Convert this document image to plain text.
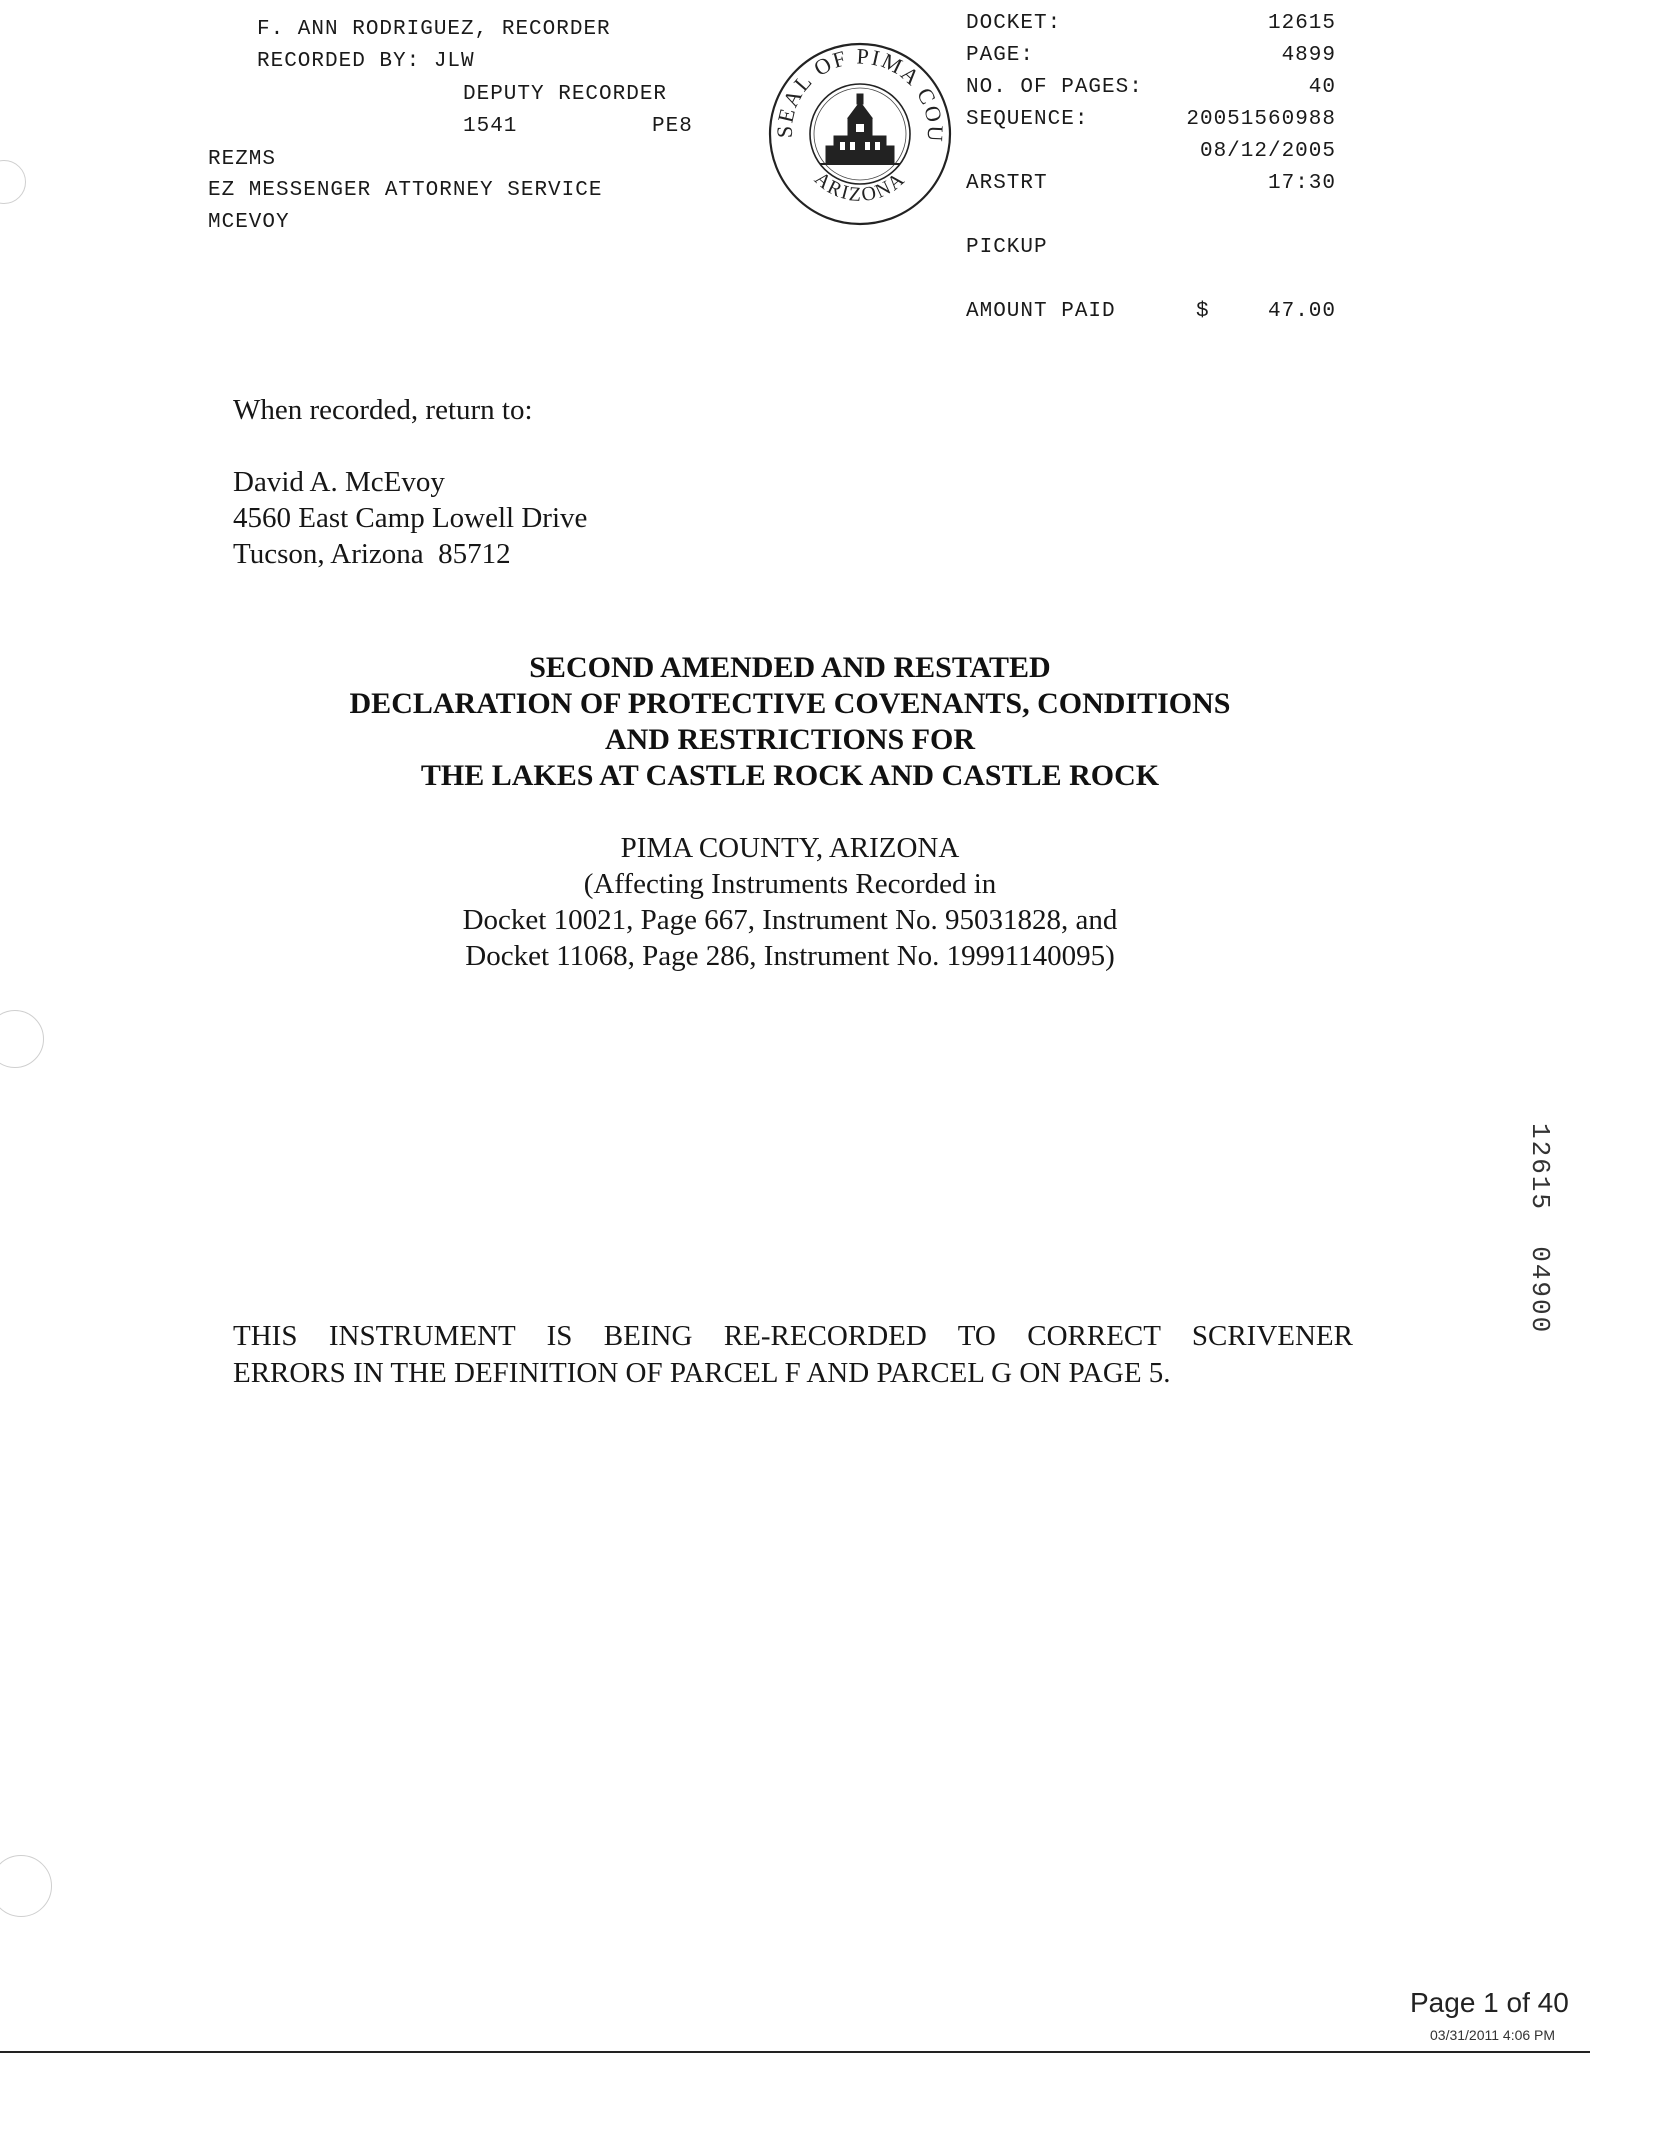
F. ANN RODRIGUEZ, RECORDER
RECORDED BY: JLW
DEPUTY RECORDER
1541	PE8
REZMS
EZ MESSENGER ATTORNEY SERVICE
MCEVOY
SEAL OF PIMA COU
ARIZONA
DOCKET:	12615
PAGE:	4899
NO. OF PAGES:	40
SEQUENCE:	20051560988
08/12/2005
ARSTRT	17:30
PICKUP
AMOUNT PAID	$	47.00
When recorded, return to:
David A. McEvoy
4560 East Camp Lowell Drive
Tucson, Arizona  85712
SECOND AMENDED AND RESTATED
DECLARATION OF PROTECTIVE COVENANTS, CONDITIONS
AND RESTRICTIONS FOR
THE LAKES AT CASTLE ROCK AND CASTLE ROCK
PIMA COUNTY, ARIZONA
(Affecting Instruments Recorded in
Docket 10021, Page 667, Instrument No. 95031828, and
Docket 11068, Page 286, Instrument No. 19991140095)
12615  04900
THIS INSTRUMENT IS BEING RE-RECORDED TO CORRECT SCRIVENER
ERRORS IN THE DEFINITION OF PARCEL F AND PARCEL G ON PAGE 5.
Page 1 of 40
03/31/2011 4:06 PM
